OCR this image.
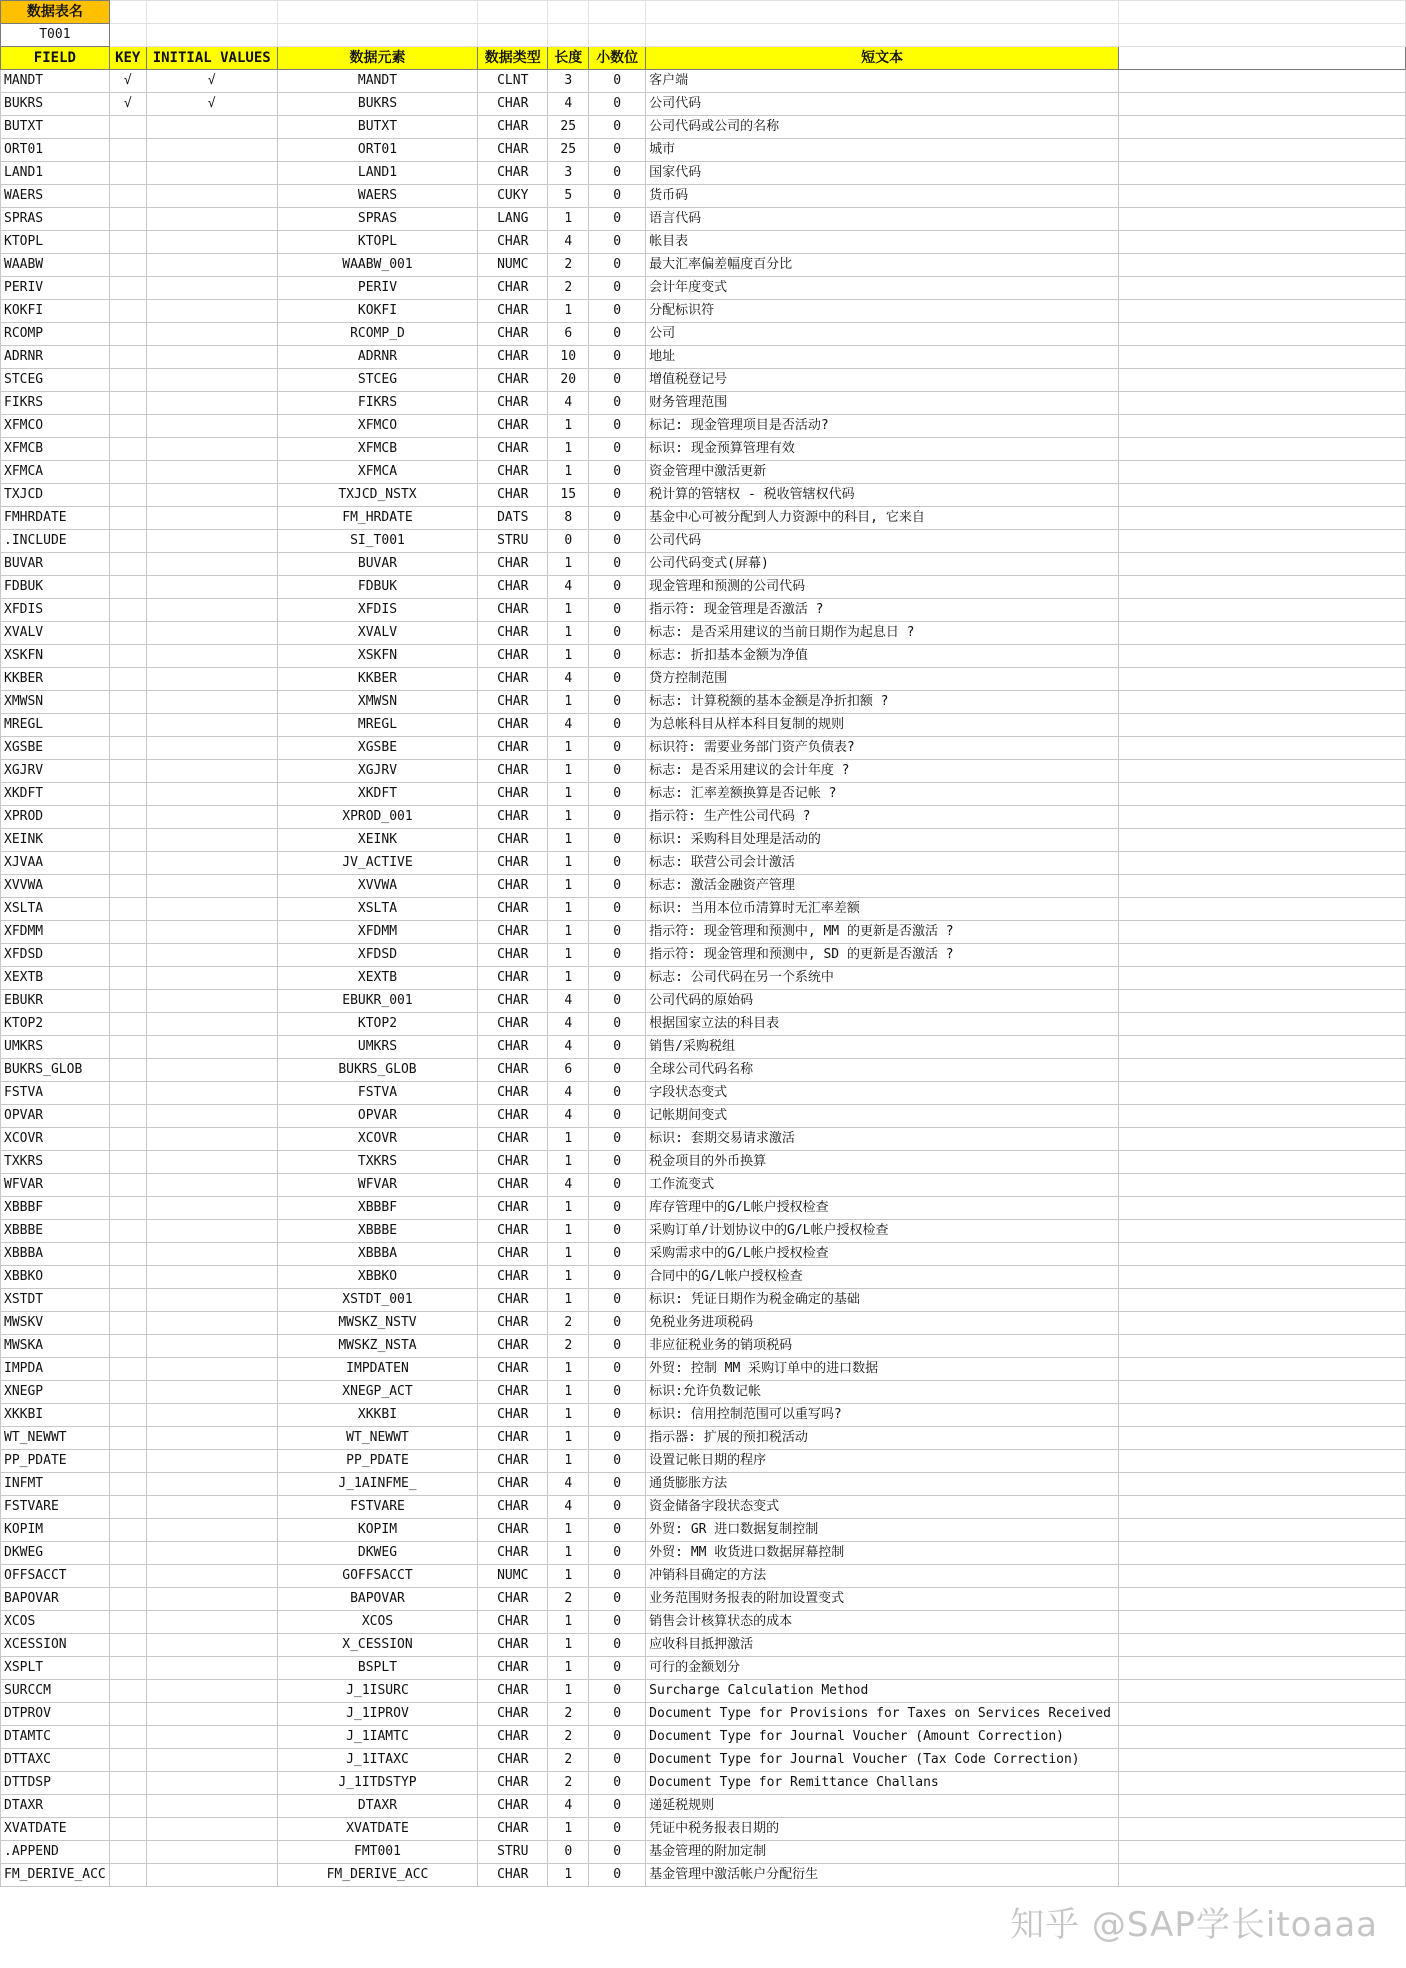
数据表名								
T001								
FIELD	KEY	INITIAL VALUES	数据元素	数据类型	长度	小数位	短文本	
MANDT	√	√	MANDT	CLNT	3	0	客户端	
BUKRS	√	√	BUKRS	CHAR	4	0	公司代码	
BUTXT			BUTXT	CHAR	25	0	公司代码或公司的名称	
ORT01			ORT01	CHAR	25	0	城市	
LAND1			LAND1	CHAR	3	0	国家代码	
WAERS			WAERS	CUKY	5	0	货币码	
SPRAS			SPRAS	LANG	1	0	语言代码	
KTOPL			KTOPL	CHAR	4	0	帐目表	
WAABW			WAABW_001	NUMC	2	0	最大汇率偏差幅度百分比	
PERIV			PERIV	CHAR	2	0	会计年度变式	
KOKFI			KOKFI	CHAR	1	0	分配标识符	
RCOMP			RCOMP_D	CHAR	6	0	公司	
ADRNR			ADRNR	CHAR	10	0	地址	
STCEG			STCEG	CHAR	20	0	增值税登记号	
FIKRS			FIKRS	CHAR	4	0	财务管理范围	
XFMCO			XFMCO	CHAR	1	0	标记: 现金管理项目是否活动?	
XFMCB			XFMCB	CHAR	1	0	标识: 现金预算管理有效	
XFMCA			XFMCA	CHAR	1	0	资金管理中激活更新	
TXJCD			TXJCD_NSTX	CHAR	15	0	税计算的管辖权 - 税收管辖权代码	
FMHRDATE			FM_HRDATE	DATS	8	0	基金中心可被分配到人力资源中的科目, 它来自	
.INCLUDE			SI_T001	STRU	0	0	公司代码	
BUVAR			BUVAR	CHAR	1	0	公司代码变式(屏幕)	
FDBUK			FDBUK	CHAR	4	0	现金管理和预测的公司代码	
XFDIS			XFDIS	CHAR	1	0	指示符: 现金管理是否激活 ?	
XVALV			XVALV	CHAR	1	0	标志: 是否采用建议的当前日期作为起息日 ?	
XSKFN			XSKFN	CHAR	1	0	标志: 折扣基本金额为净值	
KKBER			KKBER	CHAR	4	0	贷方控制范围	
XMWSN			XMWSN	CHAR	1	0	标志: 计算税额的基本金额是净折扣额 ?	
MREGL			MREGL	CHAR	4	0	为总帐科目从样本科目复制的规则	
XGSBE			XGSBE	CHAR	1	0	标识符: 需要业务部门资产负债表?	
XGJRV			XGJRV	CHAR	1	0	标志: 是否采用建议的会计年度 ?	
XKDFT			XKDFT	CHAR	1	0	标志: 汇率差额换算是否记帐 ?	
XPROD			XPROD_001	CHAR	1	0	指示符: 生产性公司代码 ?	
XEINK			XEINK	CHAR	1	0	标识: 采购科目处理是活动的	
XJVAA			JV_ACTIVE	CHAR	1	0	标志: 联营公司会计激活	
XVVWA			XVVWA	CHAR	1	0	标志: 激活金融资产管理	
XSLTA			XSLTA	CHAR	1	0	标识: 当用本位币清算时无汇率差额	
XFDMM			XFDMM	CHAR	1	0	指示符: 现金管理和预测中, MM 的更新是否激活 ?	
XFDSD			XFDSD	CHAR	1	0	指示符: 现金管理和预测中, SD 的更新是否激活 ?	
XEXTB			XEXTB	CHAR	1	0	标志: 公司代码在另一个系统中	
EBUKR			EBUKR_001	CHAR	4	0	公司代码的原始码	
KTOP2			KTOP2	CHAR	4	0	根据国家立法的科目表	
UMKRS			UMKRS	CHAR	4	0	销售/采购税组	
BUKRS_GLOB			BUKRS_GLOB	CHAR	6	0	全球公司代码名称	
FSTVA			FSTVA	CHAR	4	0	字段状态变式	
OPVAR			OPVAR	CHAR	4	0	记帐期间变式	
XCOVR			XCOVR	CHAR	1	0	标识: 套期交易请求激活	
TXKRS			TXKRS	CHAR	1	0	税金项目的外币换算	
WFVAR			WFVAR	CHAR	4	0	工作流变式	
XBBBF			XBBBF	CHAR	1	0	库存管理中的G/L帐户授权检查	
XBBBE			XBBBE	CHAR	1	0	采购订单/计划协议中的G/L帐户授权检查	
XBBBA			XBBBA	CHAR	1	0	采购需求中的G/L帐户授权检查	
XBBKO			XBBKO	CHAR	1	0	合同中的G/L帐户授权检查	
XSTDT			XSTDT_001	CHAR	1	0	标识: 凭证日期作为税金确定的基础	
MWSKV			MWSKZ_NSTV	CHAR	2	0	免税业务进项税码	
MWSKA			MWSKZ_NSTA	CHAR	2	0	非应征税业务的销项税码	
IMPDA			IMPDATEN	CHAR	1	0	外贸: 控制 MM 采购订单中的进口数据	
XNEGP			XNEGP_ACT	CHAR	1	0	标识:允许负数记帐	
XKKBI			XKKBI	CHAR	1	0	标识: 信用控制范围可以重写吗?	
WT_NEWWT			WT_NEWWT	CHAR	1	0	指示器: 扩展的预扣税活动	
PP_PDATE			PP_PDATE	CHAR	1	0	设置记帐日期的程序	
INFMT			J_1AINFME_	CHAR	4	0	通货膨胀方法	
FSTVARE			FSTVARE	CHAR	4	0	资金储备字段状态变式	
KOPIM			KOPIM	CHAR	1	0	外贸: GR 进口数据复制控制	
DKWEG			DKWEG	CHAR	1	0	外贸: MM 收货进口数据屏幕控制	
OFFSACCT			GOFFSACCT	NUMC	1	0	冲销科目确定的方法	
BAPOVAR			BAPOVAR	CHAR	2	0	业务范围财务报表的附加设置变式	
XCOS			XCOS	CHAR	1	0	销售会计核算状态的成本	
XCESSION			X_CESSION	CHAR	1	0	应收科目抵押激活	
XSPLT			BSPLT	CHAR	1	0	可行的金额划分	
SURCCM			J_1ISURC	CHAR	1	0	Surcharge Calculation Method	
DTPROV			J_1IPROV	CHAR	2	0	Document Type for Provisions for Taxes on Services Received	
DTAMTC			J_1IAMTC	CHAR	2	0	Document Type for Journal Voucher (Amount Correction)	
DTTAXC			J_1ITAXC	CHAR	2	0	Document Type for Journal Voucher (Tax Code Correction)	
DTTDSP			J_1ITDSTYP	CHAR	2	0	Document Type for Remittance Challans	
DTAXR			DTAXR	CHAR	4	0	递延税规则	
XVATDATE			XVATDATE	CHAR	1	0	凭证中税务报表日期的	
.APPEND			FMT001	STRU	0	0	基金管理的附加定制	
FM_DERIVE_ACC			FM_DERIVE_ACC	CHAR	1	0	基金管理中激活帐户分配衍生	
知乎 @SAP学长itoaaa
